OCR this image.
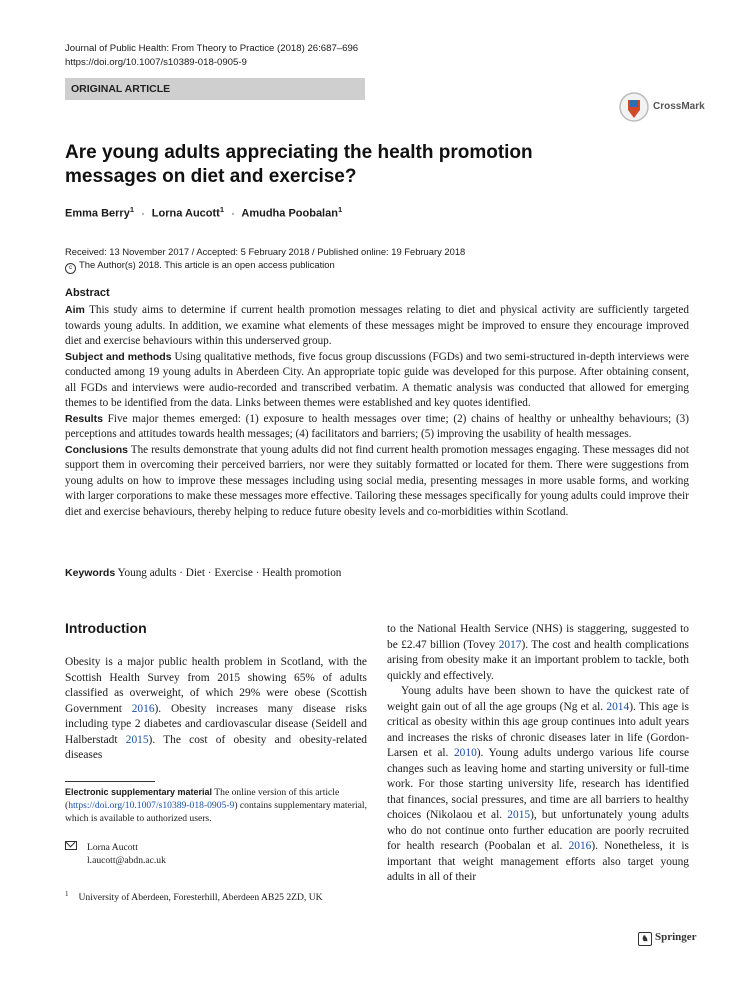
Journal of Public Health: From Theory to Practice (2018) 26:687–696
https://doi.org/10.1007/s10389-018-0905-9
ORIGINAL ARTICLE
CrossMark
Are young adults appreciating the health promotion messages on diet and exercise?
Emma Berry$^1$ · Lorna Aucott$^1$ · Amudha Poobalan$^1$
Received: 13 November 2017 / Accepted: 5 February 2018 / Published online: 19 February 2018
c The Author(s) 2018. This article is an open access publication
Abstract

Aim This study aims to determine if current health promotion messages relating to diet and physical activity are sufficiently targeted towards young adults. In addition, we examine what elements of these messages might be improved to ensure they encourage improved diet and exercise behaviours within this underserved group.

Subject and methods Using qualitative methods, five focus group discussions (FGDs) and two semi-structured in-depth interviews were conducted among 19 young adults in Aberdeen City. An appropriate topic guide was developed for this purpose. After obtaining consent, all FGDs and interviews were audio-recorded and transcribed verbatim. A thematic analysis was conducted that allowed for emerging themes to be identified from the data. Links between themes were established and key quotes identified.

Results Five major themes emerged: (1) exposure to health messages over time; (2) chains of healthy or unhealthy behaviours; (3) perceptions and attitudes towards health messages; (4) facilitators and barriers; (5) improving the usability of health messages.

Conclusions The results demonstrate that young adults did not find current health promotion messages engaging. These messages did not support them in overcoming their perceived barriers, nor were they suitably formatted or located for them. There were suggestions from young adults on how to improve these messages including using social media, presenting messages in more usable forms, and working with larger corporations to make these messages more effective. Tailoring these messages specifically for young adults could improve their diet and exercise behaviours, thereby helping to reduce future obesity levels and co-morbidities within Scotland.

Keywords Young adults · Diet · Exercise · Health promotion
Introduction
Obesity is a major public health problem in Scotland, with the Scottish Health Survey from 2015 showing 65% of adults classified as overweight, of which 29% were obese (Scottish Government 2016). Obesity increases many disease risks including type 2 diabetes and cardiovascular disease (Seidell and Halberstadt 2015). The cost of obesity and obesity-related diseases

to the National Health Service (NHS) is staggering, suggested to be £2.47 billion (Tovey 2017). The cost and health complications arising from obesity make it an important problem to tackle, both quickly and effectively.

Young adults have been shown to have the quickest rate of weight gain out of all the age groups (Ng et al. 2014). This age is critical as obesity within this age group continues into adult years and increases the risks of chronic diseases later in life (Gordon-Larsen et al. 2010). Young adults undergo various life course changes such as leaving home and starting university or full-time work. For those starting university life, research has identified that finances, social pressures, and time are all barriers to healthy choices (Nikolaou et al. 2015), but unfortunately young adults who do not continue onto further education are poorly recruited for health research (Poobalan et al. 2016). Nonetheless, it is important that weight management efforts also target young adults in all of their

Electronic supplementary material The online version of this article (https://doi.org/10.1007/s10389-018-0905-9) contains supplementary material, which is available to authorized users.
Lorna Aucott
l.aucott@abdn.ac.uk
$^1$ University of Aberdeen, Foresterhill, Aberdeen AB25 2ZD, UK
♞ Springer
